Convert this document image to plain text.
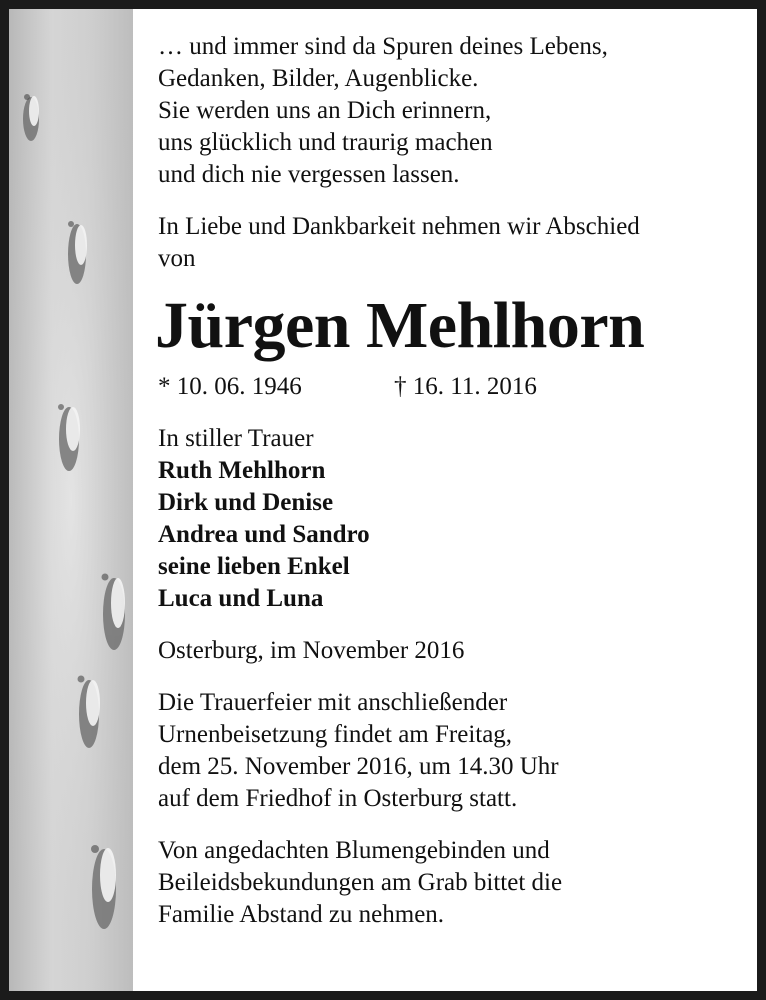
… und immer sind da Spuren deines Lebens,
Gedanken, Bilder, Augenblicke.
Sie werden uns an Dich erinnern,
uns glücklich und traurig machen
und dich nie vergessen lassen.
In Liebe und Dankbarkeit nehmen wir Abschied
von
Jürgen Mehlhorn
* 10. 06. 1946	† 16. 11. 2016
In stiller Trauer
Ruth Mehlhorn
Dirk und Denise
Andrea und Sandro
seine lieben Enkel
Luca und Luna
Osterburg, im November 2016
Die Trauerfeier mit anschließender
Urnenbeisetzung findet am Freitag,
dem 25. November 2016, um 14.30 Uhr
auf dem Friedhof in Osterburg statt.
Von angedachten Blumengebinden und
Beileidsbekundungen am Grab bittet die
Familie Abstand zu nehmen.
